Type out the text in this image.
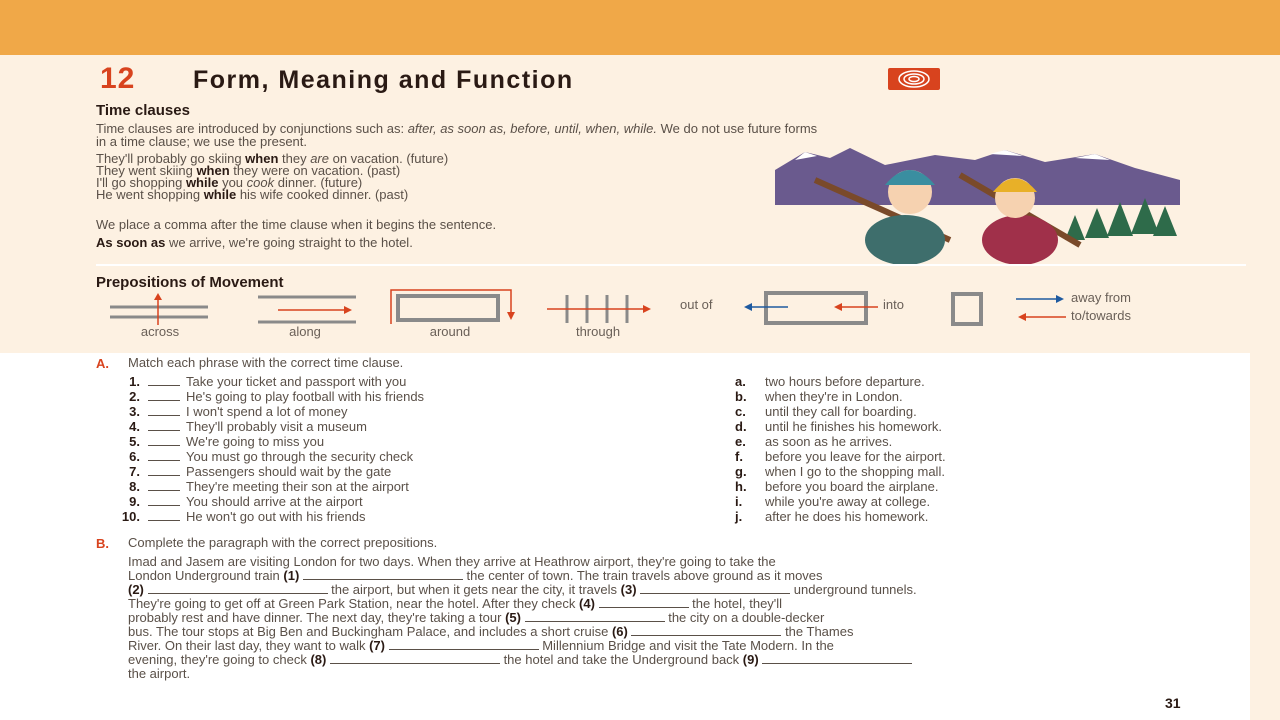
12 Form, Meaning and Function
Time clauses
Time clauses are introduced by conjunctions such as: after, as soon as, before, until, when, while. We do not use future forms
in a time clause; we use the present.
They'll probably go skiing when they are on vacation. (future)
They went skiing when they were on vacation. (past)
I'll go shopping while you cook dinner. (future)
He went shopping while his wife cooked dinner. (past)
We place a comma after the time clause when it begins the sentence.
As soon as we arrive, we're going straight to the hotel.
Prepositions of Movement
across	along	around	through
out of	into	away from
to/towards
A. Match each phrase with the correct time clause.
1.	Take your ticket and passport with you
2.	He's going to play football with his friends
3.	I won't spend a lot of money
4.	They'll probably visit a museum
5.	We're going to miss you
6.	You must go through the security check
7.	Passengers should wait by the gate
8.	They're meeting their son at the airport
9.	You should arrive at the airport
10.	He won't go out with his friends
a. two hours before departure.
b. when they're in London.
c. until they call for boarding.
d. until he finishes his homework.
e. as soon as he arrives.
f. before you leave for the airport.
g. when I go to the shopping mall.
h. before you board the airplane.
i. while you're away at college.
j. after he does his homework.
B. Complete the paragraph with the correct prepositions.
Imad and Jasem are visiting London for two days. When they arrive at Heathrow airport, they're going to take the
London Underground train (1)	the center of town. The train travels above ground as it moves
(2)	the airport, but when it gets near the city, it travels (3)	underground tunnels.
They're going to get off at Green Park Station, near the hotel. After they check (4)	the hotel, they'll
probably rest and have dinner. The next day, they're taking a tour (5)	the city on a double-decker
bus. The tour stops at Big Ben and Buckingham Palace, and includes a short cruise (6)	the Thames
River. On their last day, they want to walk (7)	Millennium Bridge and visit the Tate Modern. In the
evening, they're going to check (8)	the hotel and take the Underground back (9)
the airport.
31
